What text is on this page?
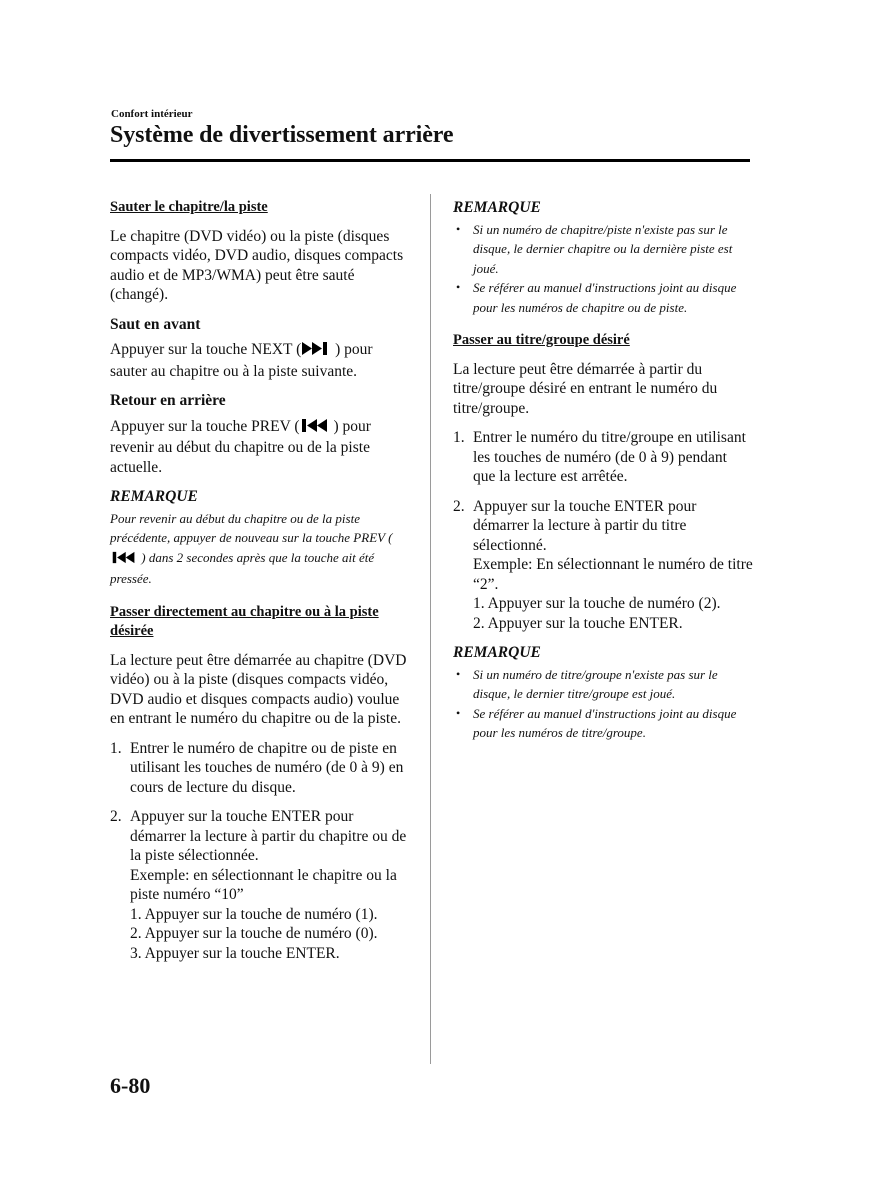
Confort intérieur
Système de divertissement arrière
Sauter le chapitre/la piste
Le chapitre (DVD vidéo) ou la piste (disques compacts vidéo, DVD audio, disques compacts audio et de MP3/WMA) peut être sauté (changé).
Saut en avant
Appuyer sur la touche NEXT ( ) pour sauter au chapitre ou à la piste suivante.
Retour en arrière
Appuyer sur la touche PREV ( ) pour revenir au début du chapitre ou de la piste actuelle.
REMARQUE
Pour revenir au début du chapitre ou de la piste précédente, appuyer de nouveau sur la touche PREV ( ) dans 2 secondes après que la touche ait été pressée.
Passer directement au chapitre ou à la piste désirée
La lecture peut être démarrée au chapitre (DVD vidéo) ou à la piste (disques compacts vidéo, DVD audio et disques compacts audio) voulue en entrant le numéro du chapitre ou de la piste.
1. Entrer le numéro de chapitre ou de piste en utilisant les touches de numéro (de 0 à 9) en cours de lecture du disque.
2. Appuyer sur la touche ENTER pour démarrer la lecture à partir du chapitre ou de la piste sélectionnée.
Exemple: en sélectionnant le chapitre ou la piste numéro “10”
1. Appuyer sur la touche de numéro (1).
2. Appuyer sur la touche de numéro (0).
3. Appuyer sur la touche ENTER.
REMARQUE
• Si un numéro de chapitre/piste n'existe pas sur le disque, le dernier chapitre ou la dernière piste est joué.
• Se référer au manuel d'instructions joint au disque pour les numéros de chapitre ou de piste.
Passer au titre/groupe désiré
La lecture peut être démarrée à partir du titre/groupe désiré en entrant le numéro du titre/groupe.
1. Entrer le numéro du titre/groupe en utilisant les touches de numéro (de 0 à 9) pendant que la lecture est arrêtée.
2. Appuyer sur la touche ENTER pour démarrer la lecture à partir du titre sélectionné.
Exemple: En sélectionnant le numéro de titre “2”.
1. Appuyer sur la touche de numéro (2).
2. Appuyer sur la touche ENTER.
REMARQUE
• Si un numéro de titre/groupe n'existe pas sur le disque, le dernier titre/groupe est joué.
• Se référer au manuel d'instructions joint au disque pour les numéros de titre/groupe.
6-80
